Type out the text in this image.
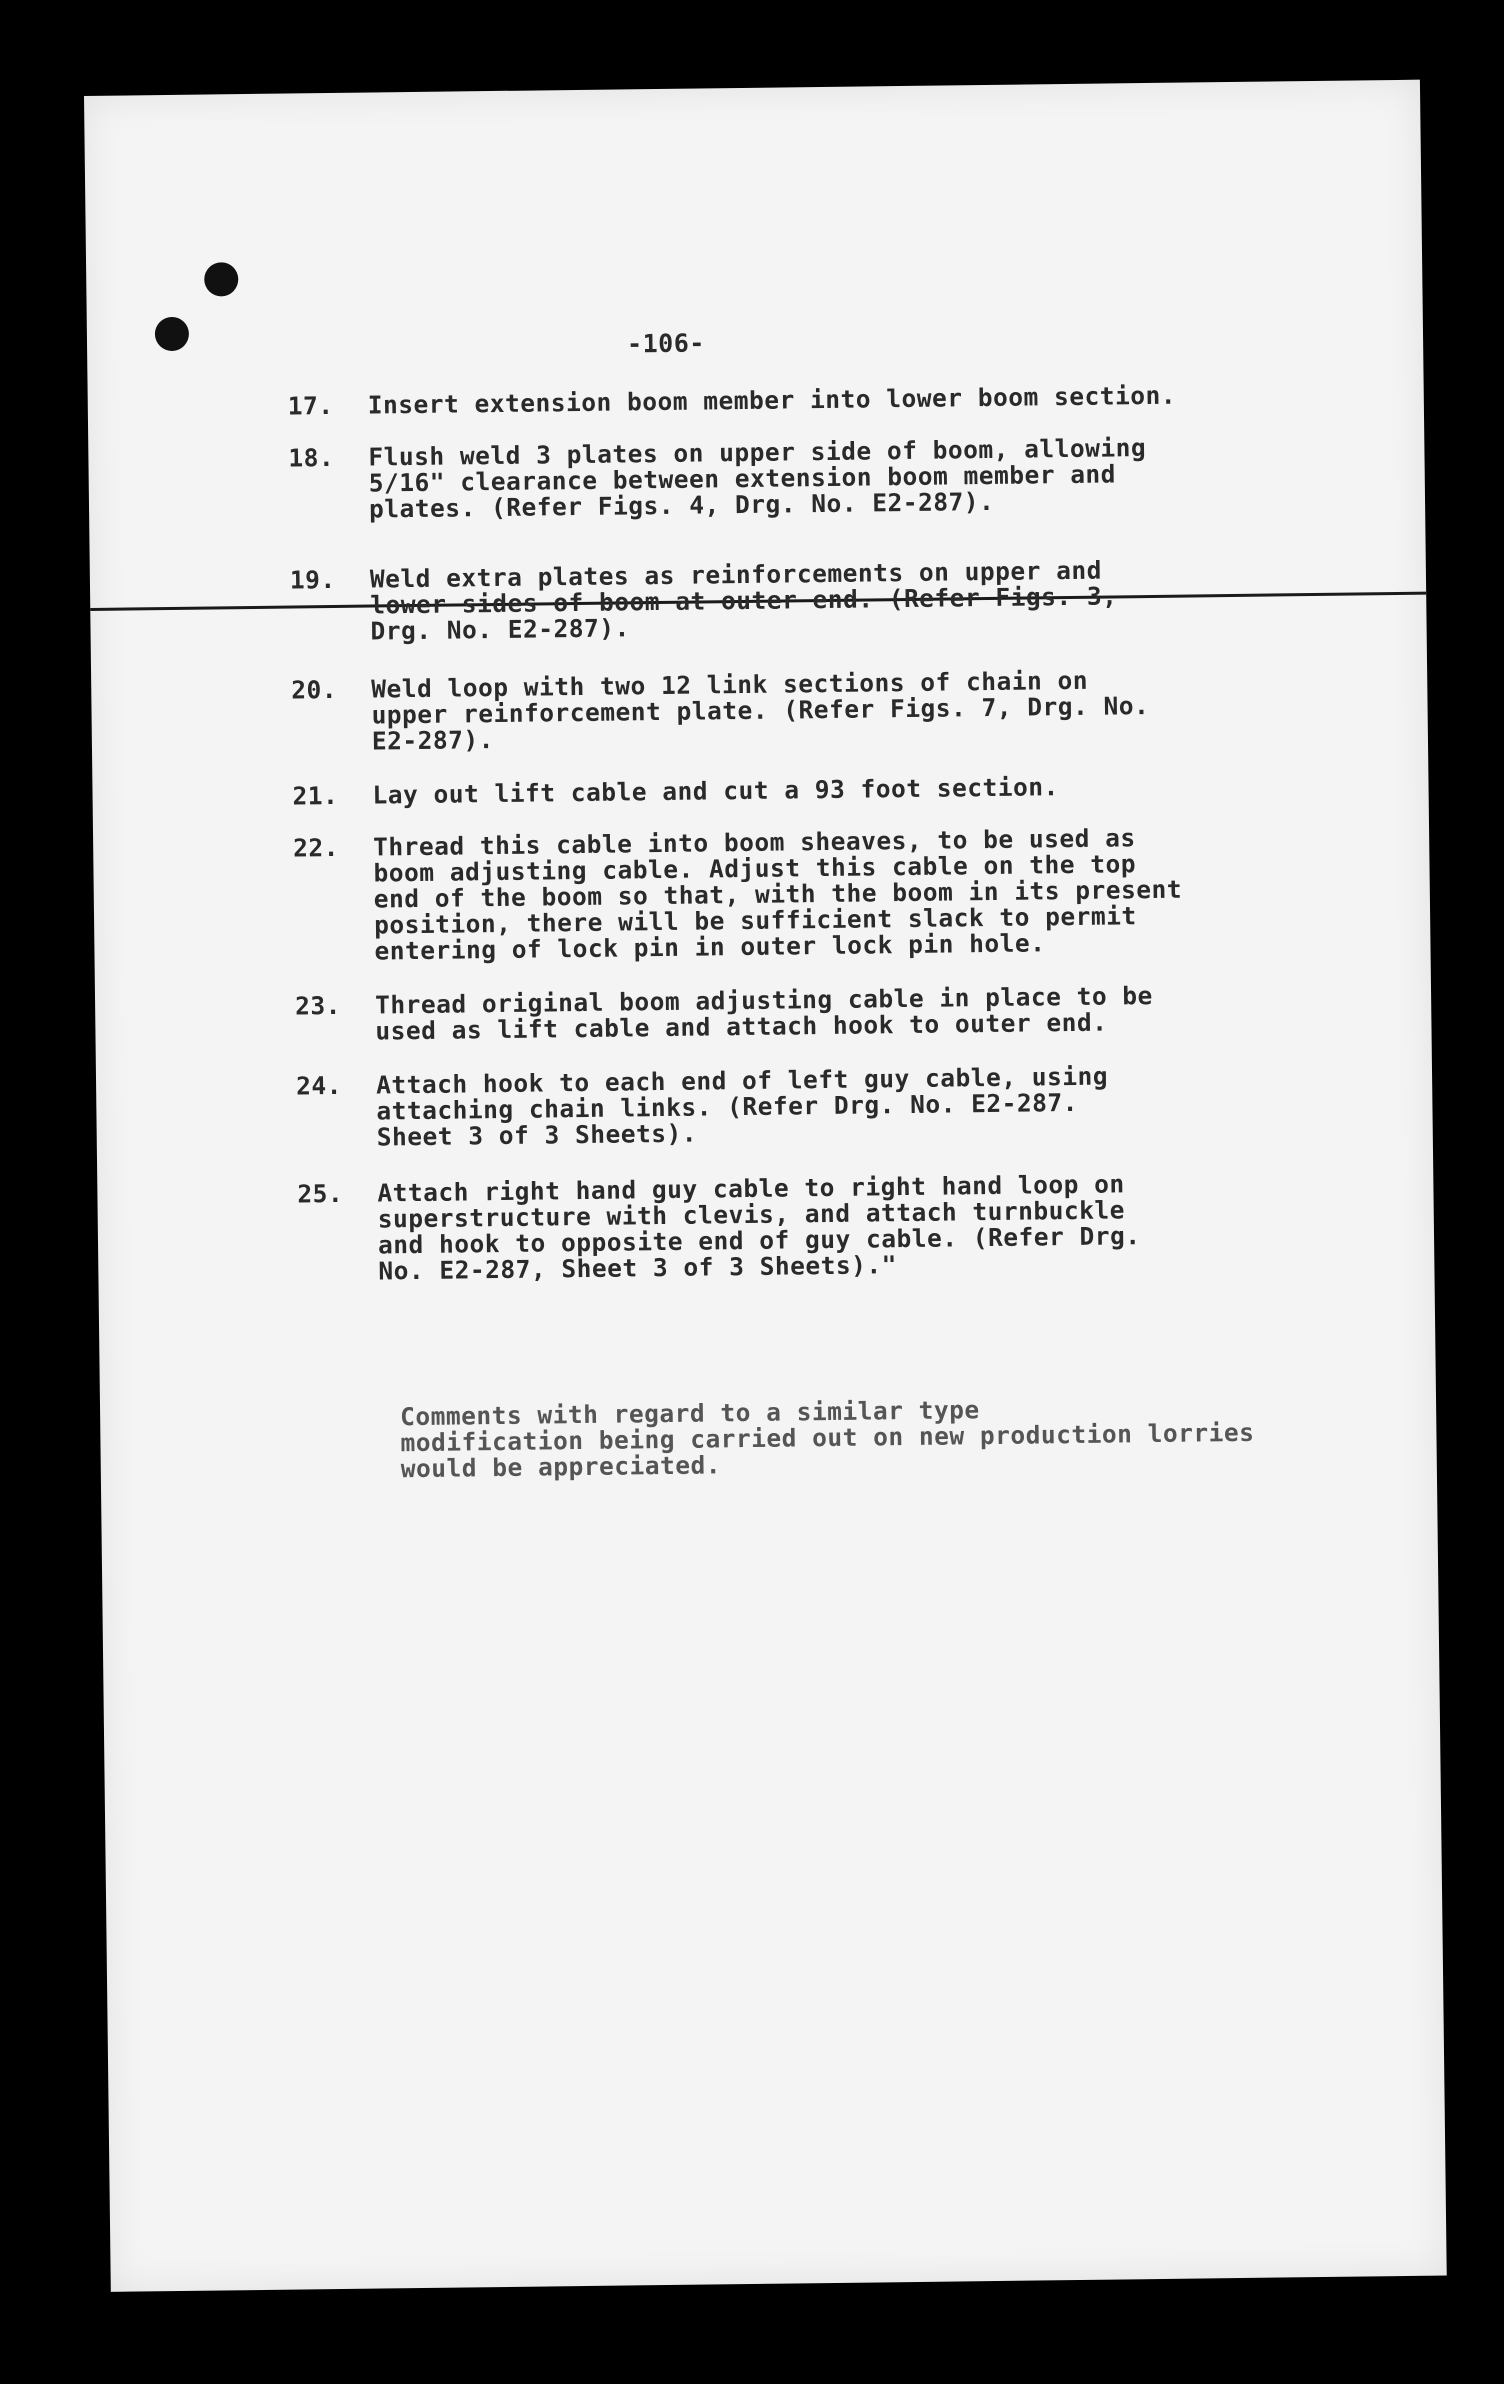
-106-
17.	Insert extension boom member into lower boom section.
18.	Flush weld 3 plates on upper side of boom, allowing
5/16" clearance between extension boom member and
plates. (Refer Figs. 4, Drg. No. E2-287).
19.	Weld extra plates as reinforcements on upper and
lower sides of boom at outer end. (Refer Figs. 3,
Drg. No. E2-287).
20.	Weld loop with two 12 link sections of chain on
upper reinforcement plate. (Refer Figs. 7, Drg. No.
E2-287).
21.	Lay out lift cable and cut a 93 foot section.
22.	Thread this cable into boom sheaves, to be used as
boom adjusting cable. Adjust this cable on the top
end of the boom so that, with the boom in its present
position, there will be sufficient slack to permit
entering of lock pin in outer lock pin hole.
23.	Thread original boom adjusting cable in place to be
used as lift cable and attach hook to outer end.
24.	Attach hook to each end of left guy cable, using
attaching chain links. (Refer Drg. No. E2-287.
Sheet 3 of 3 Sheets).
25.	Attach right hand guy cable to right hand loop on
superstructure with clevis, and attach turnbuckle
and hook to opposite end of guy cable. (Refer Drg.
No. E2-287, Sheet 3 of 3 Sheets)."
Comments with regard to a similar type
modification being carried out on new production lorries
would be appreciated.
